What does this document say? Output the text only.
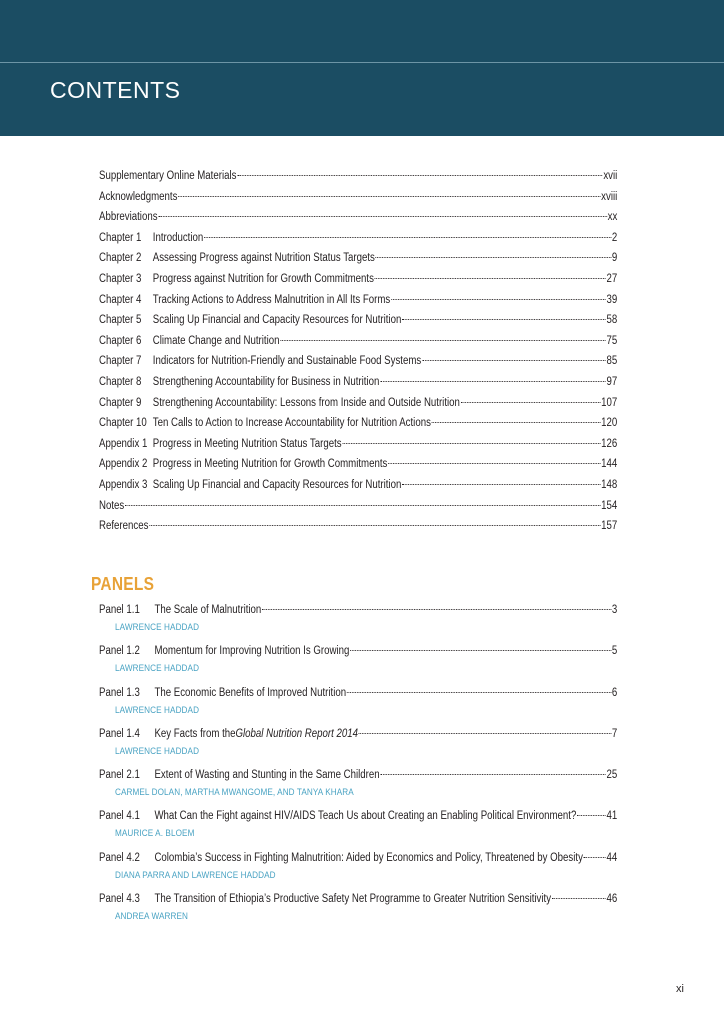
CONTENTS
Supplementary Online Materials	xvii
Acknowledgments	xviii
Abbreviations	xx
Chapter 1 Introduction	2
Chapter 2 Assessing Progress against Nutrition Status Targets	9
Chapter 3 Progress against Nutrition for Growth Commitments	27
Chapter 4 Tracking Actions to Address Malnutrition in All Its Forms	39
Chapter 5 Scaling Up Financial and Capacity Resources for Nutrition	58
Chapter 6 Climate Change and Nutrition	75
Chapter 7 Indicators for Nutrition-Friendly and Sustainable Food Systems	85
Chapter 8 Strengthening Accountability for Business in Nutrition	97
Chapter 9 Strengthening Accountability: Lessons from Inside and Outside Nutrition	107
Chapter 10 Ten Calls to Action to Increase Accountability for Nutrition Actions	120
Appendix 1 Progress in Meeting Nutrition Status Targets	126
Appendix 2 Progress in Meeting Nutrition for Growth Commitments	144
Appendix 3 Scaling Up Financial and Capacity Resources for Nutrition	148
Notes	154
References	157
PANELS
Panel 1.1	The Scale of Malnutrition	3
LAWRENCE HADDAD
Panel 1.2	Momentum for Improving Nutrition Is Growing	5
LAWRENCE HADDAD
Panel 1.3	The Economic Benefits of Improved Nutrition	6
LAWRENCE HADDAD
Panel 1.4	Key Facts from the Global Nutrition Report 2014	7
LAWRENCE HADDAD
Panel 2.1	Extent of Wasting and Stunting in the Same Children	25
CARMEL DOLAN, MARTHA MWANGOME, AND TANYA KHARA
Panel 4.1	What Can the Fight against HIV/AIDS Teach Us about Creating an Enabling Political Environment?	41
MAURICE A. BLOEM
Panel 4.2	Colombia’s Success in Fighting Malnutrition: Aided by Economics and Policy, Threatened by Obesity 44
DIANA PARRA AND LAWRENCE HADDAD
Panel 4.3	The Transition of Ethiopia’s Productive Safety Net Programme to Greater Nutrition Sensitivity	46
ANDREA WARREN
xi
